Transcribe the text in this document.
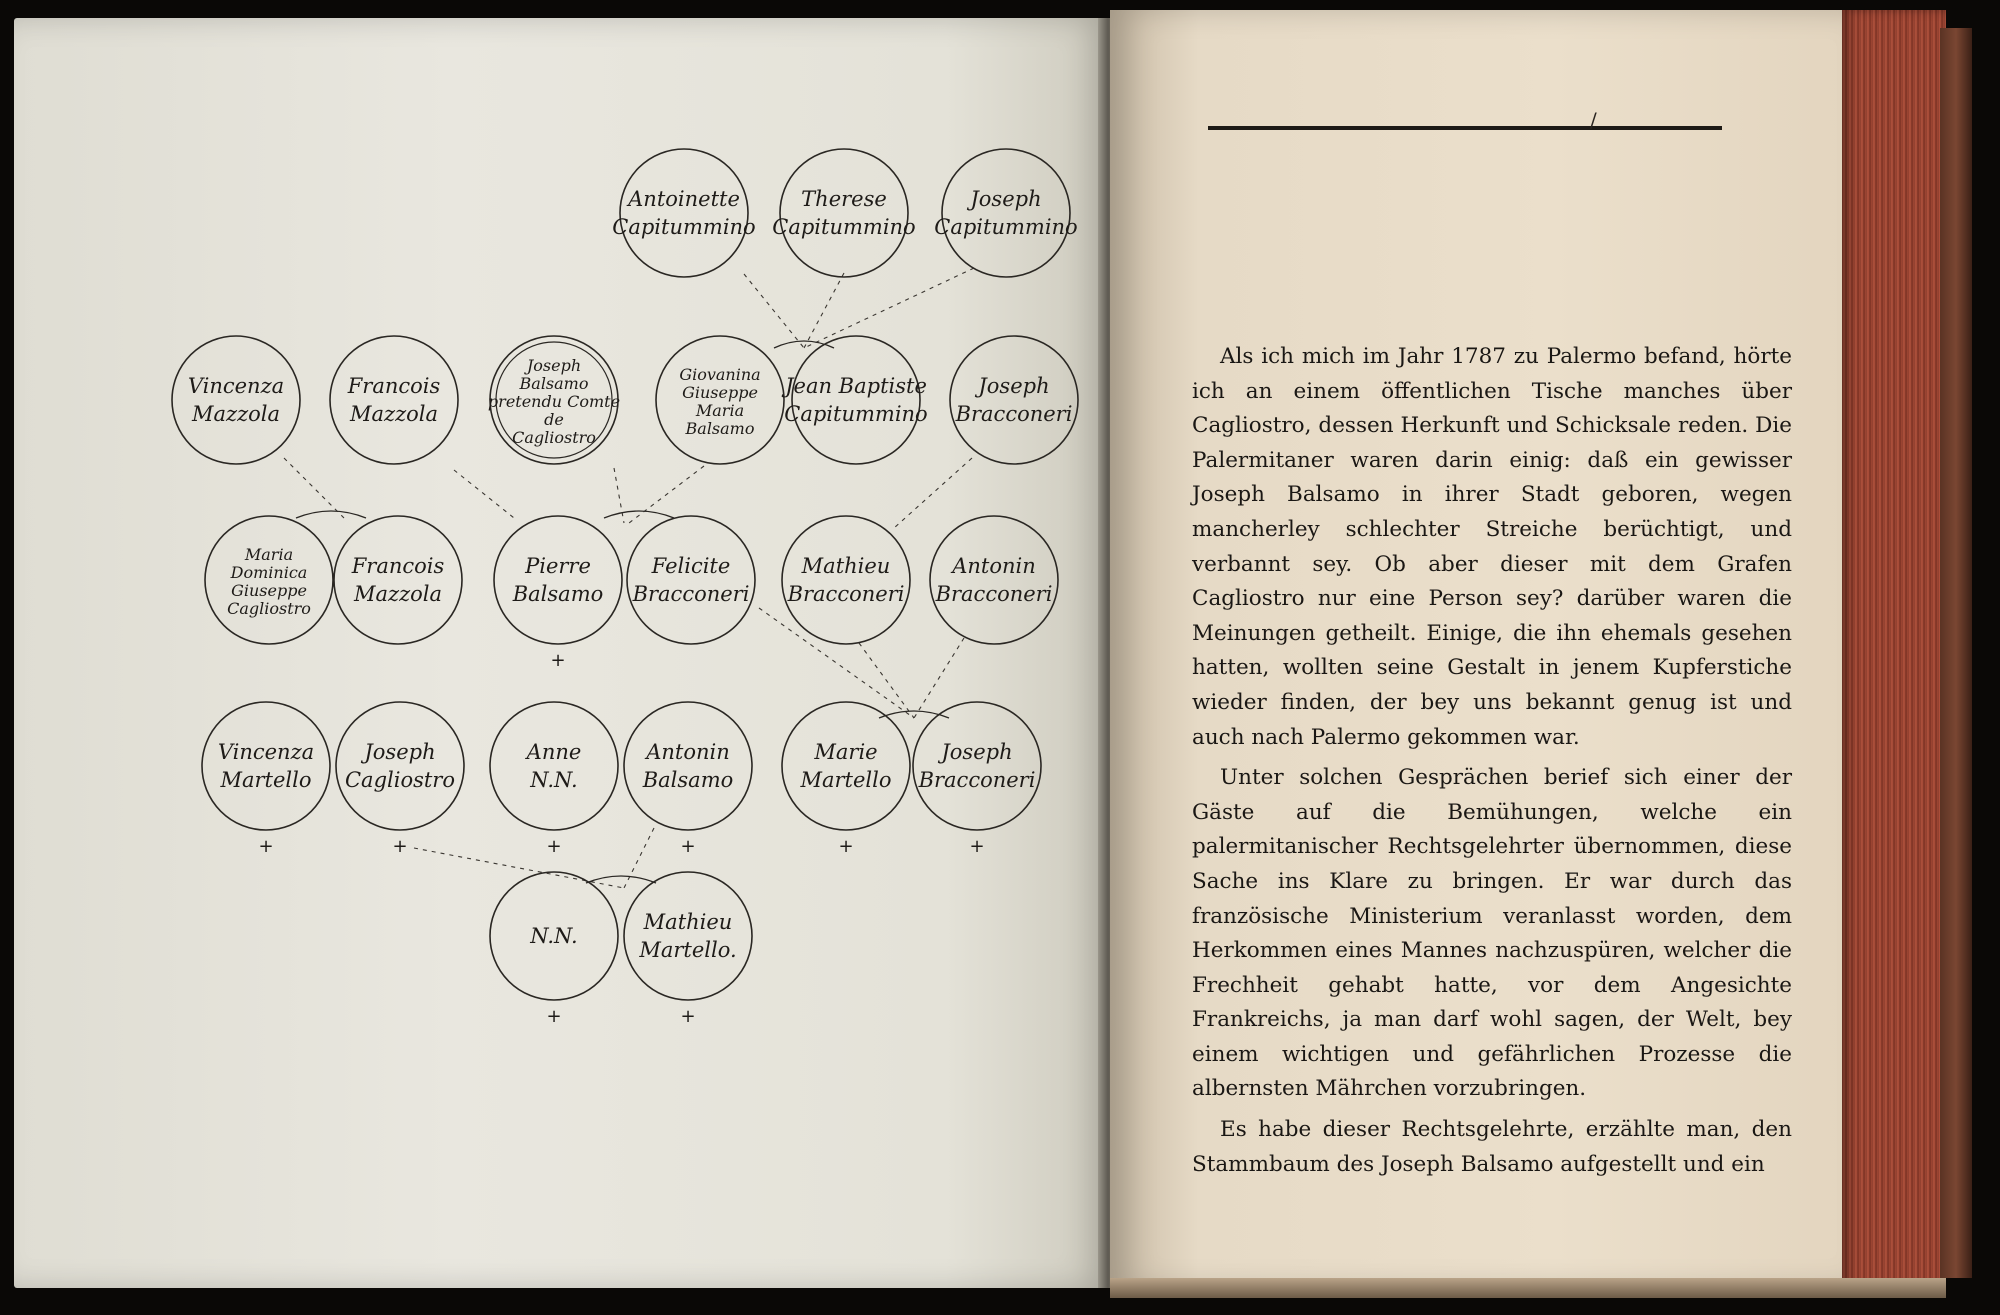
Antoinette
Capitummino
Therese
Capitummino
Joseph
Capitummino
Vincenza
Mazzola
Francois
Mazzola
Joseph
Balsamo
pretendu Comte
de
Cagliostro
Giovanina
Giuseppe
Maria
Balsamo
Jean Baptiste
Capitummino
Joseph
Bracconeri
Maria
Dominica
Giuseppe
Cagliostro
Francois
Mazzola
Pierre
Balsamo
+
Felicite
Bracconeri
Mathieu
Bracconeri
Antonin
Bracconeri
Vincenza
Martello
+
Joseph
Cagliostro
+
Anne
N.N.
+
Antonin
Balsamo
+
Marie
Martello
+
Joseph
Bracconeri
+
N.N.
+
Mathieu
Martello.
+
/

Als ich mich im Jahr 1787 zu Palermo befand, hörte ich an einem öffentlichen Tische manches über Cagliostro, dessen Herkunft und Schicksale reden. Die Palermitaner waren darin einig: daß ein gewisser Joseph Balsamo in ihrer Stadt geboren, wegen mancherley schlechter Streiche berüchtigt, und verbannt sey. Ob aber dieser mit dem Grafen Cagliostro nur eine Person sey? darüber waren die Meinungen getheilt. Einige, die ihn ehemals gesehen hatten, wollten seine Gestalt in jenem Kupferstiche wieder finden, der bey uns bekannt genug ist und auch nach Palermo gekommen war.

Unter solchen Gesprächen berief sich einer der Gäste auf die Bemühungen, welche ein palermitanischer Rechtsgelehrter übernommen, diese Sache ins Klare zu bringen. Er war durch das französische Ministerium veranlasst worden, dem Herkommen eines Mannes nachzuspüren, welcher die Frechheit gehabt hatte, vor dem Angesichte Frankreichs, ja man darf wohl sagen, der Welt, bey einem wichtigen und gefährlichen Prozesse die albernsten Mährchen vorzubringen.

Es habe dieser Rechtsgelehrte, erzählte man, den Stammbaum des Joseph Balsamo aufgestellt und ein
